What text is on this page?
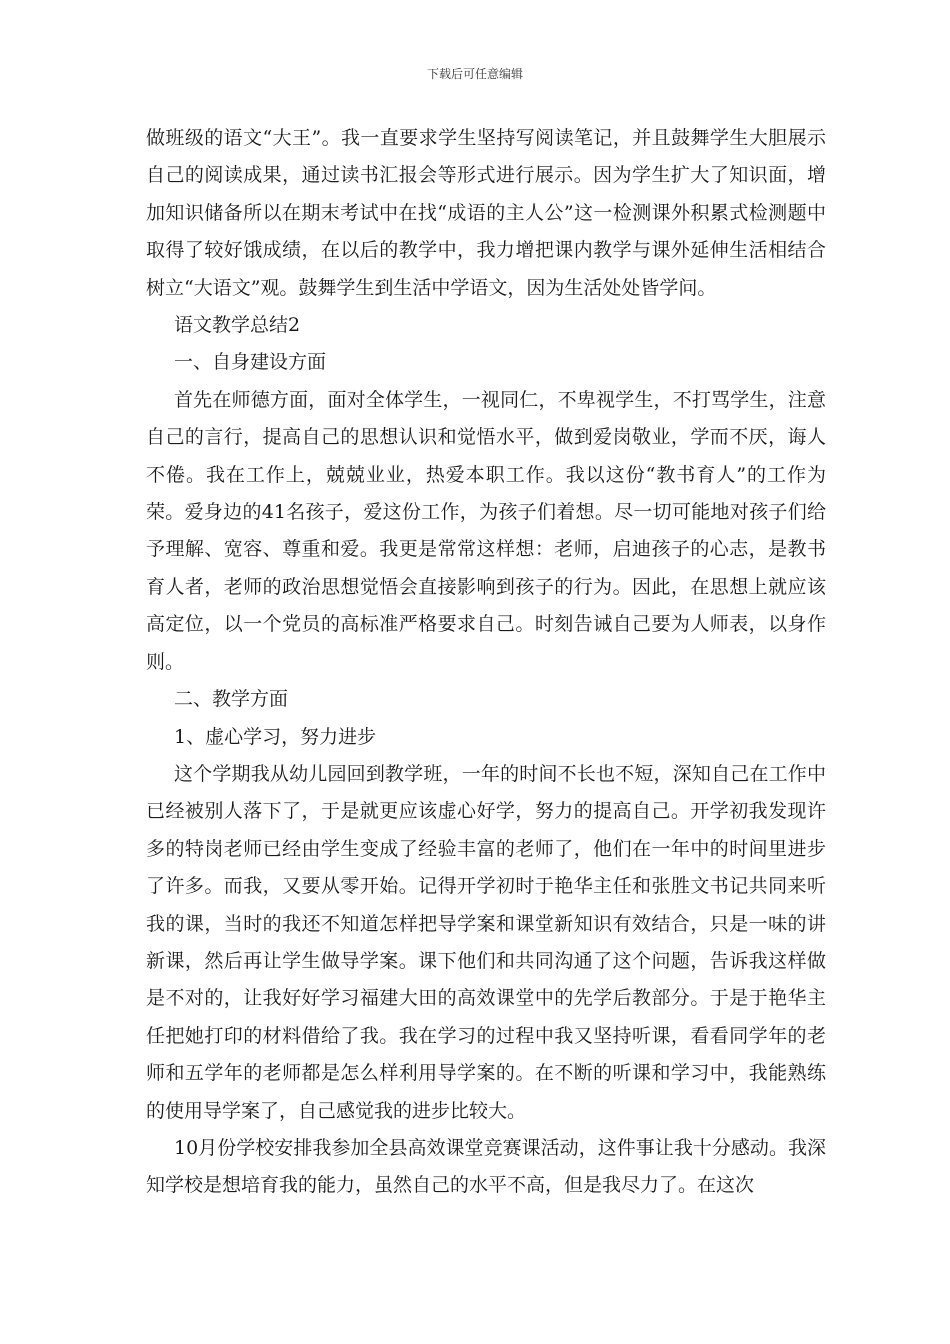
下载后可任意编辑

做班级的语文“大王”。我一直要求学生坚持写阅读笔记，并且鼓舞学生大胆展示自己的阅读成果，通过读书汇报会等形式进行展示。因为学生扩大了知识面，增加知识储备所以在期末考试中在找“成语的主人公”这一检测课外积累式检测题中取得了较好饿成绩，在以后的教学中，我力增把课内教学与课外延伸生活相结合树立“大语文”观。鼓舞学生到生活中学语文，因为生活处处皆学问。

语文教学总结2

一、自身建设方面

首先在师德方面，面对全体学生，一视同仁，不卑视学生，不打骂学生，注意自己的言行，提高自己的思想认识和觉悟水平，做到爱岗敬业，学而不厌，诲人不倦。我在工作上，兢兢业业，热爱本职工作。我以这份“教书育人”的工作为荣。爱身边的41名孩子，爱这份工作，为孩子们着想。尽一切可能地对孩子们给予理解、宽容、尊重和爱。我更是常常这样想：老师，启迪孩子的心志，是教书育人者，老师的政治思想觉悟会直接影响到孩子的行为。因此，在思想上就应该高定位，以一个党员的高标准严格要求自己。时刻告诫自己要为人师表，以身作则。

二、教学方面

1、虚心学习，努力进步

这个学期我从幼儿园回到教学班，一年的时间不长也不短，深知自己在工作中已经被别人落下了，于是就更应该虚心好学，努力的提高自己。开学初我发现许多的特岗老师已经由学生变成了经验丰富的老师了，他们在一年中的时间里进步了许多。而我，又要从零开始。记得开学初时于艳华主任和张胜文书记共同来听我的课，当时的我还不知道怎样把导学案和课堂新知识有效结合，只是一味的讲新课，然后再让学生做导学案。课下他们和共同沟通了这个问题，告诉我这样做是不对的，让我好好学习福建大田的高效课堂中的先学后教部分。于是于艳华主任把她打印的材料借给了我。我在学习的过程中我又坚持听课，看看同学年的老师和五学年的老师都是怎么样利用导学案的。在不断的听课和学习中，我能熟练的使用导学案了，自己感觉我的进步比较大。

10月份学校安排我参加全县高效课堂竞赛课活动，这件事让我十分感动。我深知学校是想培育我的能力，虽然自己的水平不高，但是我尽力了。在这次
